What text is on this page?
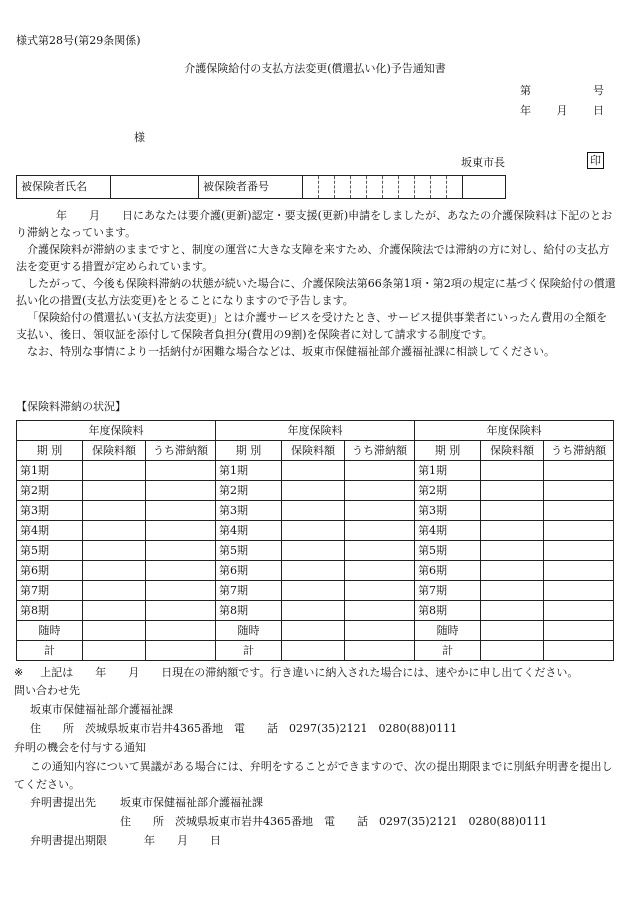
様式第28号(第29条関係)
介護保険給付の支払方法変更(償還払い化)予告通知書
第	号
年 月 日
様
坂東市長	印
被保険者氏名		被保険者番号											

年　　月　　日にあなたは要介護(更新)認定・要支援(更新)申請をしましたが、あなたの介護保険料は下記のとおり滞納となっています。

介護保険料が滞納のままですと、制度の運営に大きな支障を来すため、介護保険法では滞納の方に対し、給付の支払方法を変更する措置が定められています。

したがって、今後も保険料滞納の状態が続いた場合に、介護保険法第66条第1項・第2項の規定に基づく保険給付の償還払い化の措置(支払方法変更)をとることになりますので予告します。

「保険給付の償還払い(支払方法変更)」とは介護サービスを受けたとき、サービス提供事業者にいったん費用の全額を支払い、後日、領収証を添付して保険者負担分(費用の9割)を保険者に対して請求する制度です。

なお、特別な事情により一括納付が困難な場合などは、坂東市保健福祉部介護福祉課に相談してください。

【保険料滞納の状況】
年度保険料			年度保険料			年度保険料		
期 別	保険料額	うち滞納額	期 別	保険料額	うち滞納額	期 別	保険料額	うち滞納額
第1期			第1期			第1期		
第2期			第2期			第2期		
第3期			第3期			第3期		
第4期			第4期			第4期		
第5期			第5期			第5期		
第6期			第6期			第6期		
第7期			第7期			第7期		
第8期			第8期			第8期		
随時			随時			随時		
計			計			計		
※ 上記は　　年　　月　　日現在の滞納額です。行き違いに納入された場合には、速やかに申し出てください。
問い合わせ先
坂東市保健福祉部介護福祉課
住　　所　茨城県坂東市岩井4365番地　電　　話　0297(35)2121　0280(88)0111
弁明の機会を付与する通知

この通知内容について異議がある場合には、弁明をすることができますので、次の提出期限までに別紙弁明書を提出してください。

弁明書提出先 坂東市保健福祉部介護福祉課
住　　所　茨城県坂東市岩井4365番地　電　　話　0297(35)2121　0280(88)0111
弁明書提出期限	年　　月　　日
